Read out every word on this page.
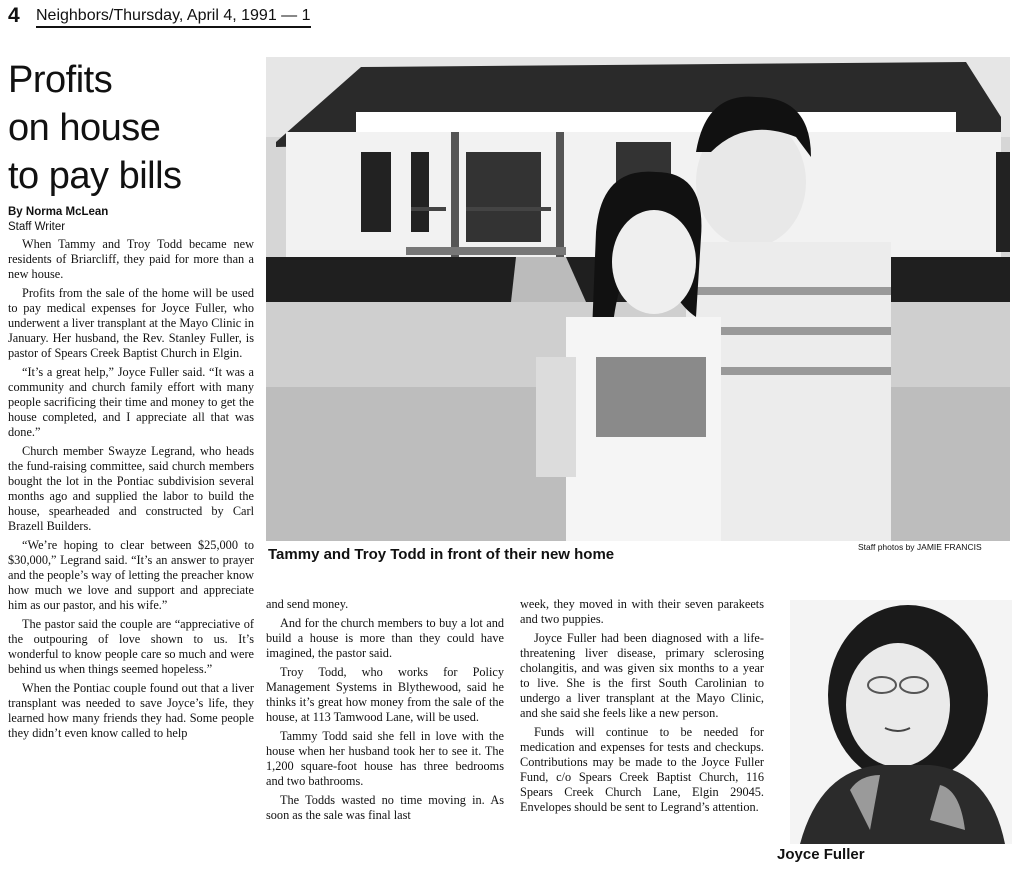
4 Neighbors/Thursday, April 4, 1991 — 1
Profits
on house
to pay bills
By Norma McLean
Staff Writer

When Tammy and Troy Todd became new residents of Briarcliff, they paid for more than a new house.

Profits from the sale of the home will be used to pay medical expenses for Joyce Fuller, who underwent a liver transplant at the Mayo Clinic in January. Her husband, the Rev. Stanley Fuller, is pastor of Spears Creek Baptist Church in Elgin.

“It’s a great help,” Joyce Fuller said. “It was a community and church family effort with many people sacrificing their time and money to get the house completed, and I appreciate all that was done.”

Church member Swayze Legrand, who heads the fund-raising committee, said church members bought the lot in the Pontiac subdivision several months ago and supplied the labor to build the house, spearheaded and constructed by Carl Brazell Builders.

“We’re hoping to clear between $25,000 to $30,000,” Legrand said. “It’s an answer to prayer and the people’s way of letting the preacher know how much we love and support and appreciate him as our pastor, and his wife.”

The pastor said the couple are “appreciative of the outpouring of love shown to us. It’s wonderful to know people care so much and were behind us when things seemed hopeless.”

When the Pontiac couple found out that a liver transplant was needed to save Joyce’s life, they learned how many friends they had. Some people they didn’t even know called to help

Tammy and Troy Todd in front of their new home	Staff photos by JAMIE FRANCIS

and send money.

And for the church members to buy a lot and build a house is more than they could have imagined, the pastor said.

Troy Todd, who works for Policy Management Systems in Blythewood, said he thinks it’s great how money from the sale of the house, at 113 Tamwood Lane, will be used.

Tammy Todd said she fell in love with the house when her husband took her to see it. The 1,200 square-foot house has three bedrooms and two bathrooms.

The Todds wasted no time moving in. As soon as the sale was final last

week, they moved in with their seven parakeets and two puppies.

Joyce Fuller had been diagnosed with a life-threatening liver disease, primary sclerosing cholangitis, and was given six months to a year to live. She is the first South Carolinian to undergo a liver transplant at the Mayo Clinic, and she said she feels like a new person.

Funds will continue to be needed for medication and expenses for tests and checkups. Contributions may be made to the Joyce Fuller Fund, c/o Spears Creek Baptist Church, 116 Spears Creek Church Lane, Elgin 29045. Envelopes should be sent to Legrand’s attention.

Joyce Fuller
